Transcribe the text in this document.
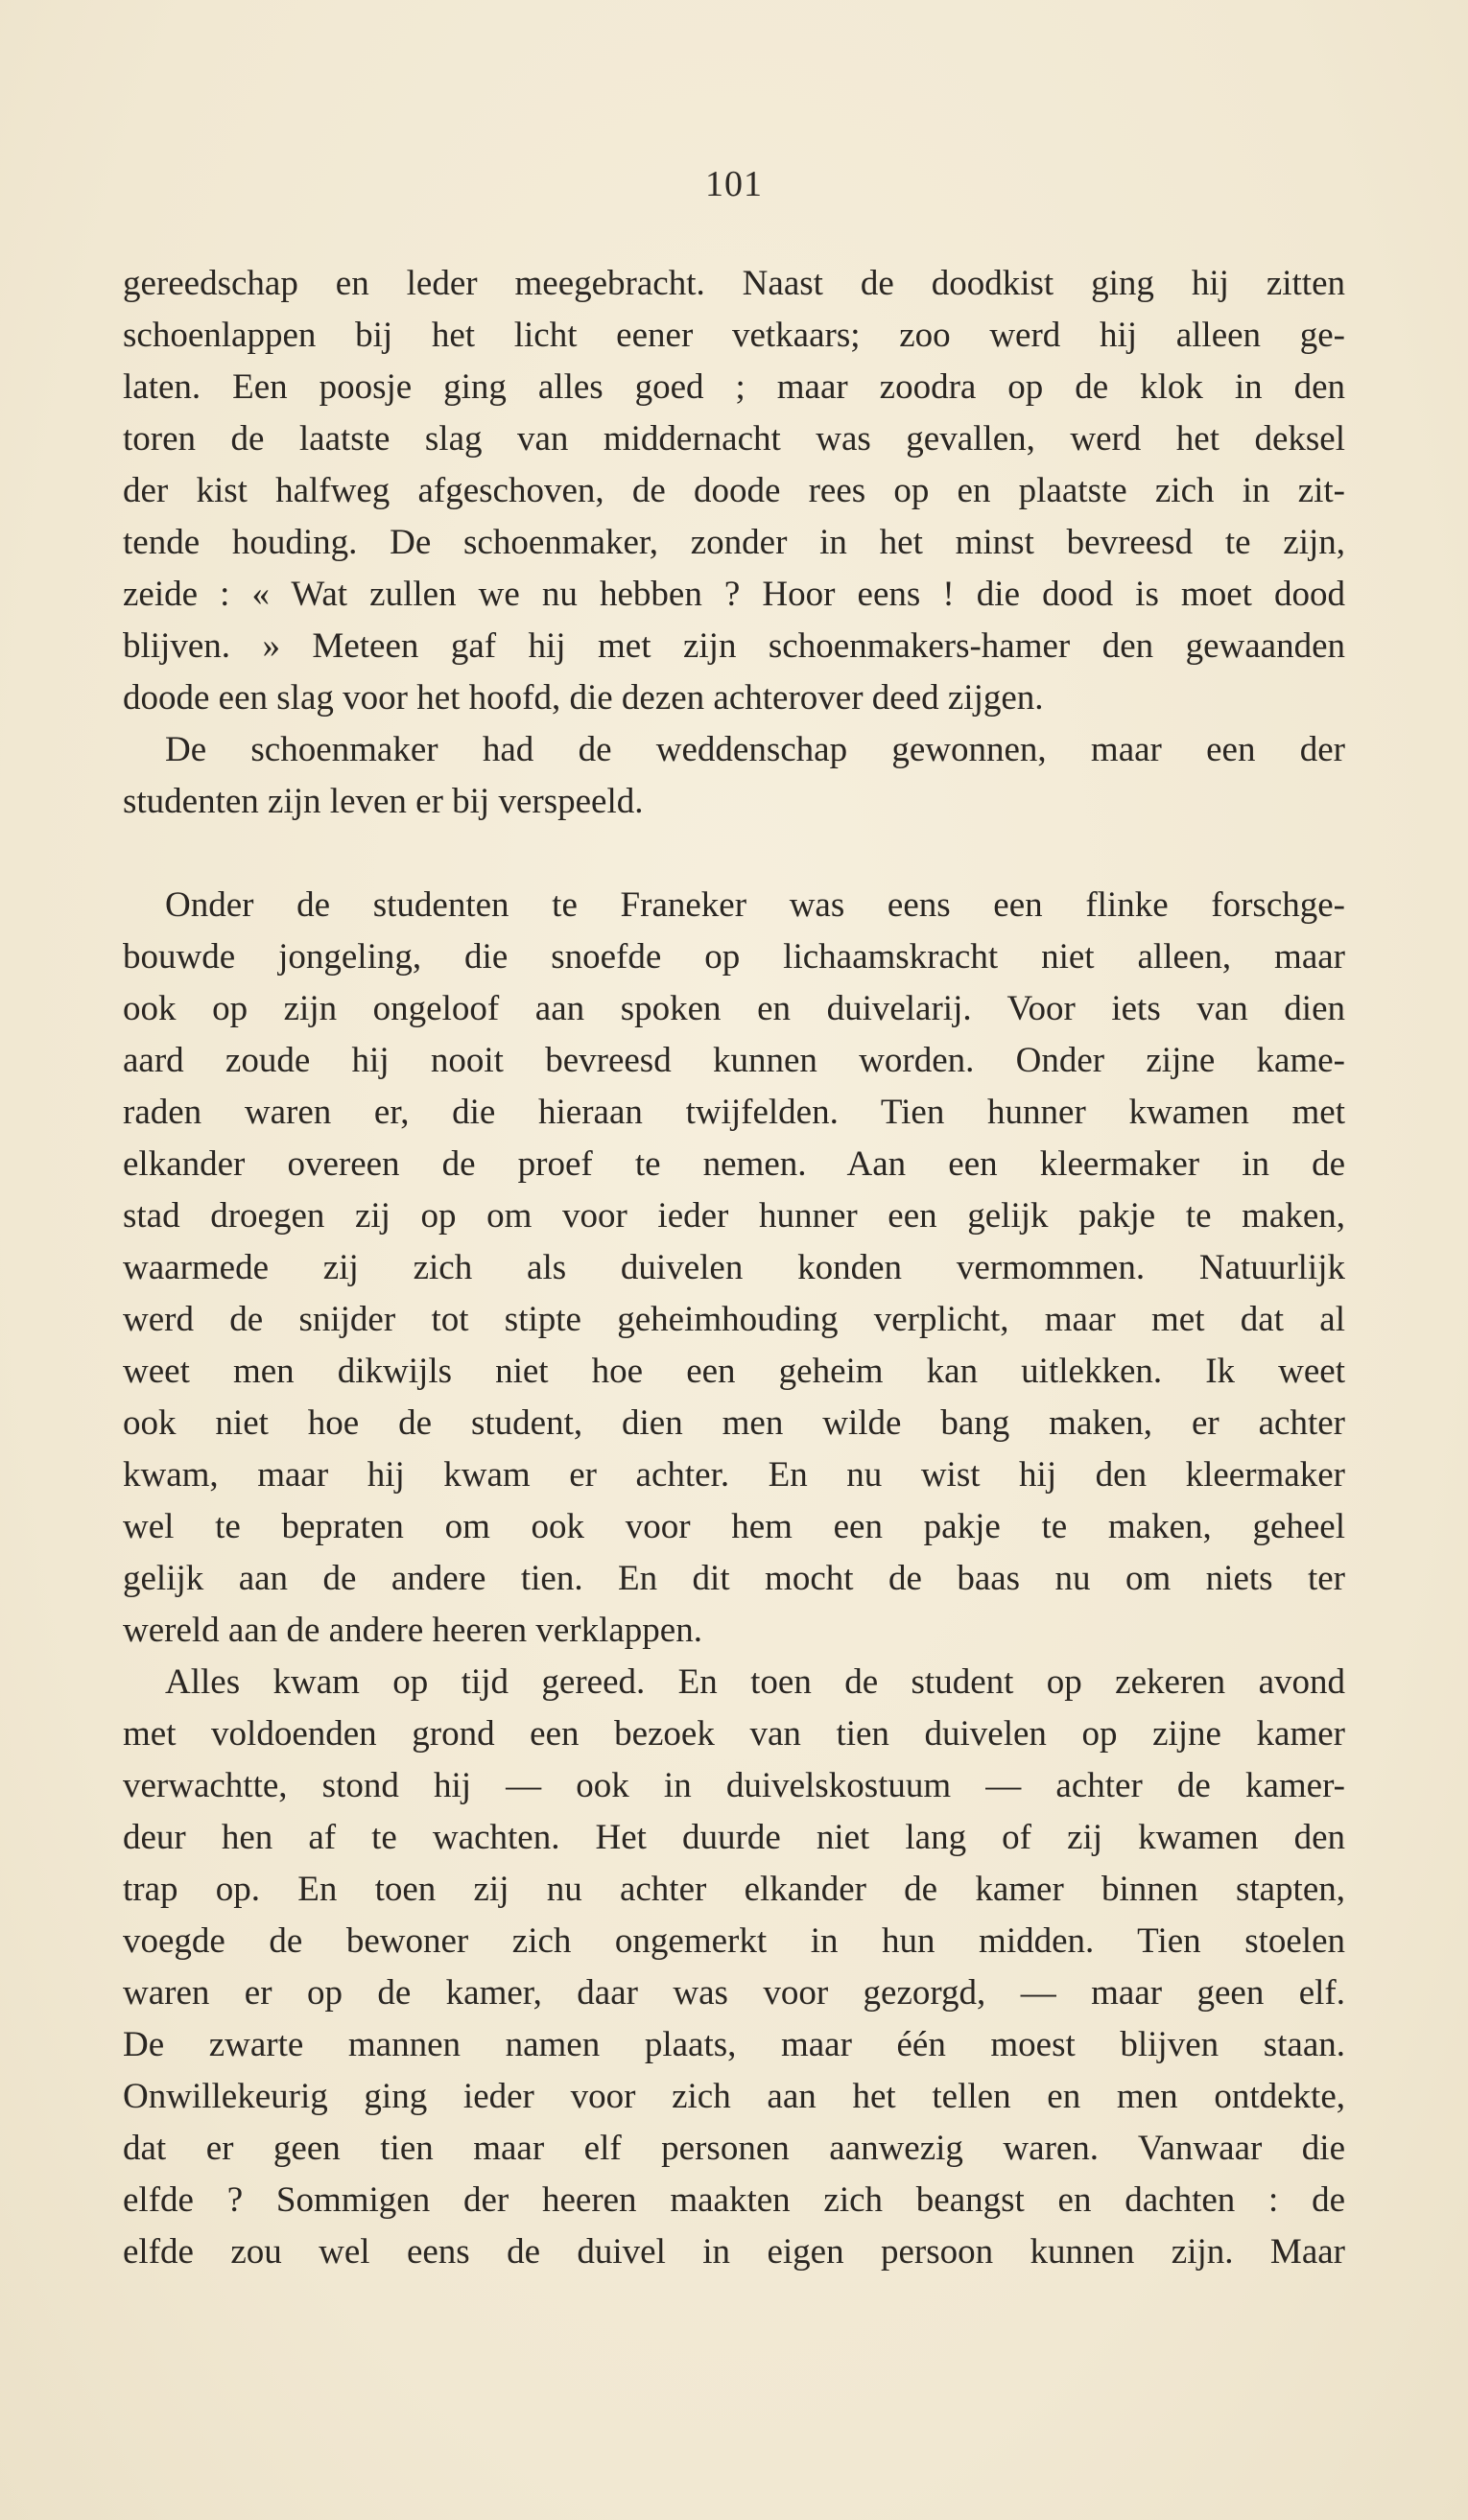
101
gereedschap en leder meegebracht. Naast de doodkist ging hij zitten
schoenlappen bij het licht eener vetkaars; zoo werd hij alleen ge-
laten. Een poosje ging alles goed ; maar zoodra op de klok in den
toren de laatste slag van middernacht was gevallen, werd het deksel
der kist halfweg afgeschoven, de doode rees op en plaatste zich in zit-
tende houding. De schoenmaker, zonder in het minst bevreesd te zijn,
zeide : « Wat zullen we nu hebben ? Hoor eens ! die dood is moet dood
blijven. » Meteen gaf hij met zijn schoenmakers-hamer den gewaanden
doode een slag voor het hoofd, die dezen achterover deed zijgen.
De schoenmaker had de weddenschap gewonnen, maar een der
studenten zijn leven er bij verspeeld.
Onder de studenten te Franeker was eens een flinke forschge-
bouwde jongeling, die snoefde op lichaamskracht niet alleen, maar
ook op zijn ongeloof aan spoken en duivelarij. Voor iets van dien
aard zoude hij nooit bevreesd kunnen worden. Onder zijne kame-
raden waren er, die hieraan twijfelden. Tien hunner kwamen met
elkander overeen de proef te nemen. Aan een kleermaker in de
stad droegen zij op om voor ieder hunner een gelijk pakje te maken,
waarmede zij zich als duivelen konden vermommen. Natuurlijk
werd de snijder tot stipte geheimhouding verplicht, maar met dat al
weet men dikwijls niet hoe een geheim kan uitlekken. Ik weet
ook niet hoe de student, dien men wilde bang maken, er achter
kwam, maar hij kwam er achter. En nu wist hij den kleermaker
wel te bepraten om ook voor hem een pakje te maken, geheel
gelijk aan de andere tien. En dit mocht de baas nu om niets ter
wereld aan de andere heeren verklappen.
Alles kwam op tijd gereed. En toen de student op zekeren avond
met voldoenden grond een bezoek van tien duivelen op zijne kamer
verwachtte, stond hij — ook in duivelskostuum — achter de kamer-
deur hen af te wachten. Het duurde niet lang of zij kwamen den
trap op. En toen zij nu achter elkander de kamer binnen stapten,
voegde de bewoner zich ongemerkt in hun midden. Tien stoelen
waren er op de kamer, daar was voor gezorgd, — maar geen elf.
De zwarte mannen namen plaats, maar één moest blijven staan.
Onwillekeurig ging ieder voor zich aan het tellen en men ontdekte,
dat er geen tien maar elf personen aanwezig waren. Vanwaar die
elfde ? Sommigen der heeren maakten zich beangst en dachten : de
elfde zou wel eens de duivel in eigen persoon kunnen zijn. Maar
